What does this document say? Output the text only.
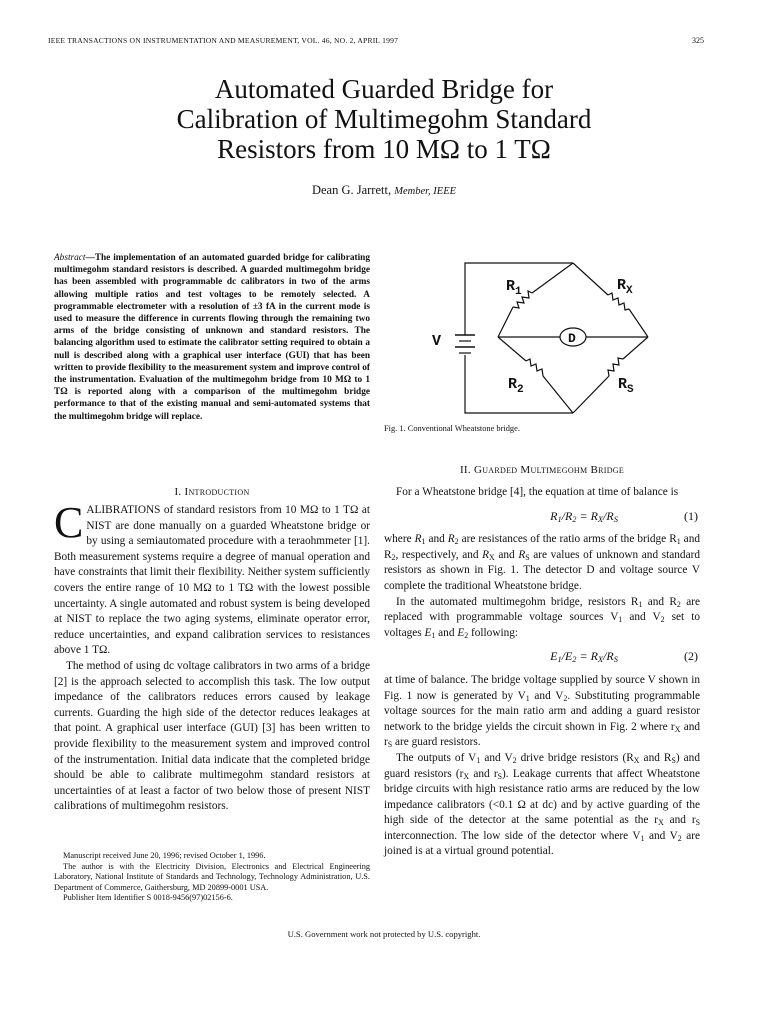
IEEE TRANSACTIONS ON INSTRUMENTATION AND MEASUREMENT, VOL. 46, NO. 2, APRIL 1997	325
Automated Guarded Bridge for
Calibration of Multimegohm Standard
Resistors from 10 MΩ to 1 TΩ
Dean G. Jarrett, Member, IEEE
Abstract—The implementation of an automated guarded bridge for calibrating multimegohm standard resistors is described. A guarded multimegohm bridge has been assembled with programmable dc calibrators in two of the arms allowing multiple ratios and test voltages to be remotely selected. A programmable electrometer with a resolution of ±3 fA in the current mode is used to measure the difference in currents flowing through the remaining two arms of the bridge consisting of unknown and standard resistors. The balancing algorithm used to estimate the calibrator setting required to obtain a null is described along with a graphical user interface (GUI) that has been written to provide flexibility to the measurement system and improve control of the instrumentation. Evaluation of the multimegohm bridge from 10 MΩ to 1 TΩ is reported along with a comparison of the multimegohm bridge performance to that of the existing manual and semi-automated systems that the multimegohm bridge will replace.
I. Introduction

CALIBRATIONS of standard resistors from 10 MΩ to 1 TΩ at NIST are done manually on a guarded Wheatstone bridge or by using a semiautomated procedure with a teraohmmeter [1]. Both measurement systems require a degree of manual operation and have constraints that limit their flexibility. Neither system sufficiently covers the entire range of 10 MΩ to 1 TΩ with the lowest possible uncertainty. A single automated and robust system is being developed at NIST to replace the two aging systems, eliminate operator error, reduce uncertainties, and expand calibration services to resistances above 1 TΩ.

The method of using dc voltage calibrators in two arms of a bridge [2] is the approach selected to accomplish this task. The low output impedance of the calibrators reduces errors caused by leakage currents. Guarding the high side of the detector reduces leakages at that point. A graphical user interface (GUI) [3] has been written to provide flexibility to the measurement system and improved control of the instrumentation. Initial data indicate that the completed bridge should be able to calibrate multimegohm standard resistors at uncertainties of at least a factor of two below those of present NIST calibrations of multimegohm resistors.

Manuscript received June 20, 1996; revised October 1, 1996.

The author is with the Electricity Division, Electronics and Electrical Engineering Laboratory, National Institute of Standards and Technology, Technology Administration, U.S. Department of Commerce, Gaithersburg, MD 20899-0001 USA.

Publisher Item Identifier S 0018-9456(97)02156-6.

$R_1$	$R_X$
$R_2$	$R_S$
V	D
Fig. 1. Conventional Wheatstone bridge.
II. Guarded Multimegohm Bridge

For a Wheatstone bridge [4], the equation at time of balance is

$R_1/R_2 = R_X/R_S$	(1)

where $R_1$ and $R_2$ are resistances of the ratio arms of the bridge $R_1$ and $R_2$, respectively, and $R_X$ and $R_S$ are values of unknown and standard resistors as shown in Fig. 1. The detector D and voltage source V complete the traditional Wheatstone bridge.

In the automated multimegohm bridge, resistors $R_1$ and $R_2$ are replaced with programmable voltage sources $V_1$ and $V_2$ set to voltages $E_1$ and $E_2$ following:

$E_1/E_2 = R_X/R_S$	(2)

at time of balance. The bridge voltage supplied by source V shown in Fig. 1 now is generated by $V_1$ and $V_2$. Substituting programmable voltage sources for the main ratio arm and adding a guard resistor network to the bridge yields the circuit shown in Fig. 2 where $r_X$ and $r_S$ are guard resistors.

The outputs of $V_1$ and $V_2$ drive bridge resistors ($R_X$ and $R_S$) and guard resistors ($r_X$ and $r_S$). Leakage currents that affect Wheatstone bridge circuits with high resistance ratio arms are reduced by the low impedance calibrators (<0.1 Ω at dc) and by active guarding of the high side of the detector at the same potential as the $r_X$ and $r_S$ interconnection. The low side of the detector where $V_1$ and $V_2$ are joined is at a virtual ground potential.

U.S. Government work not protected by U.S. copyright.
